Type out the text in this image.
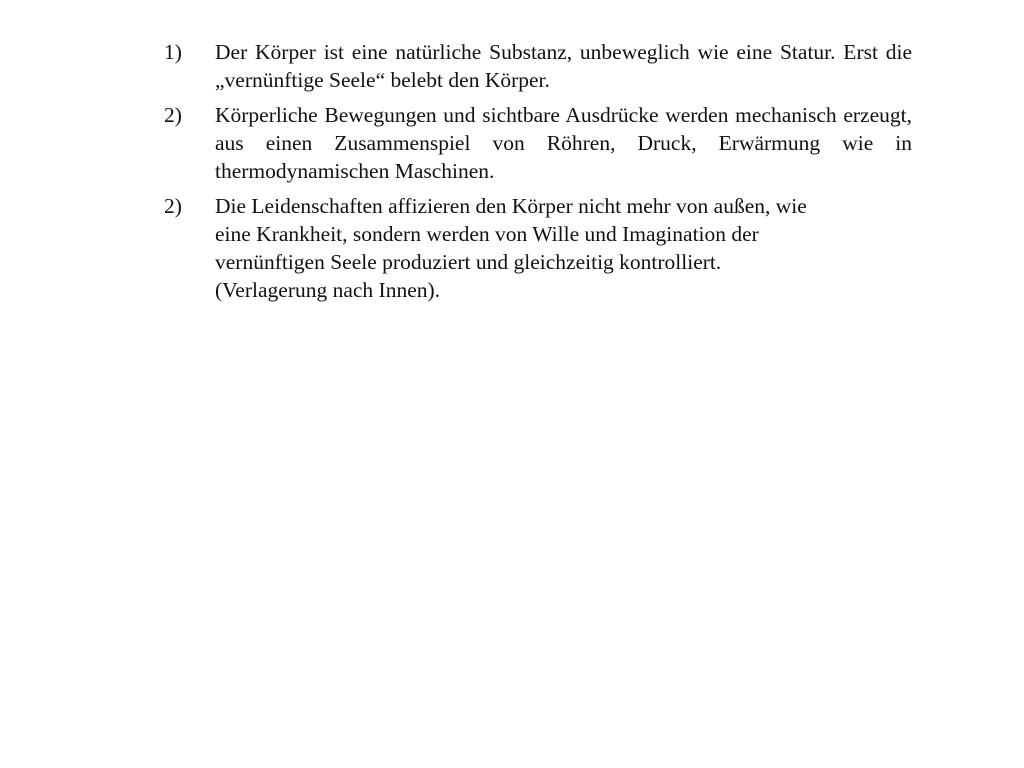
1)	Der Körper ist eine natürliche Substanz, unbeweglich wie eine Statur. Erst die „vernünftige Seele“ belebt den Körper.
2)	Körperliche Bewegungen und sichtbare Ausdrücke werden mechanisch erzeugt, aus einen Zusammenspiel von Röhren, Druck, Erwärmung wie in thermodynamischen Maschinen.
2)	Die Leidenschaften affizieren den Körper nicht mehr von außen, wie
eine Krankheit, sondern werden von Wille und Imagination der
vernünftigen Seele produziert und gleichzeitig kontrolliert.
(Verlagerung nach Innen).
